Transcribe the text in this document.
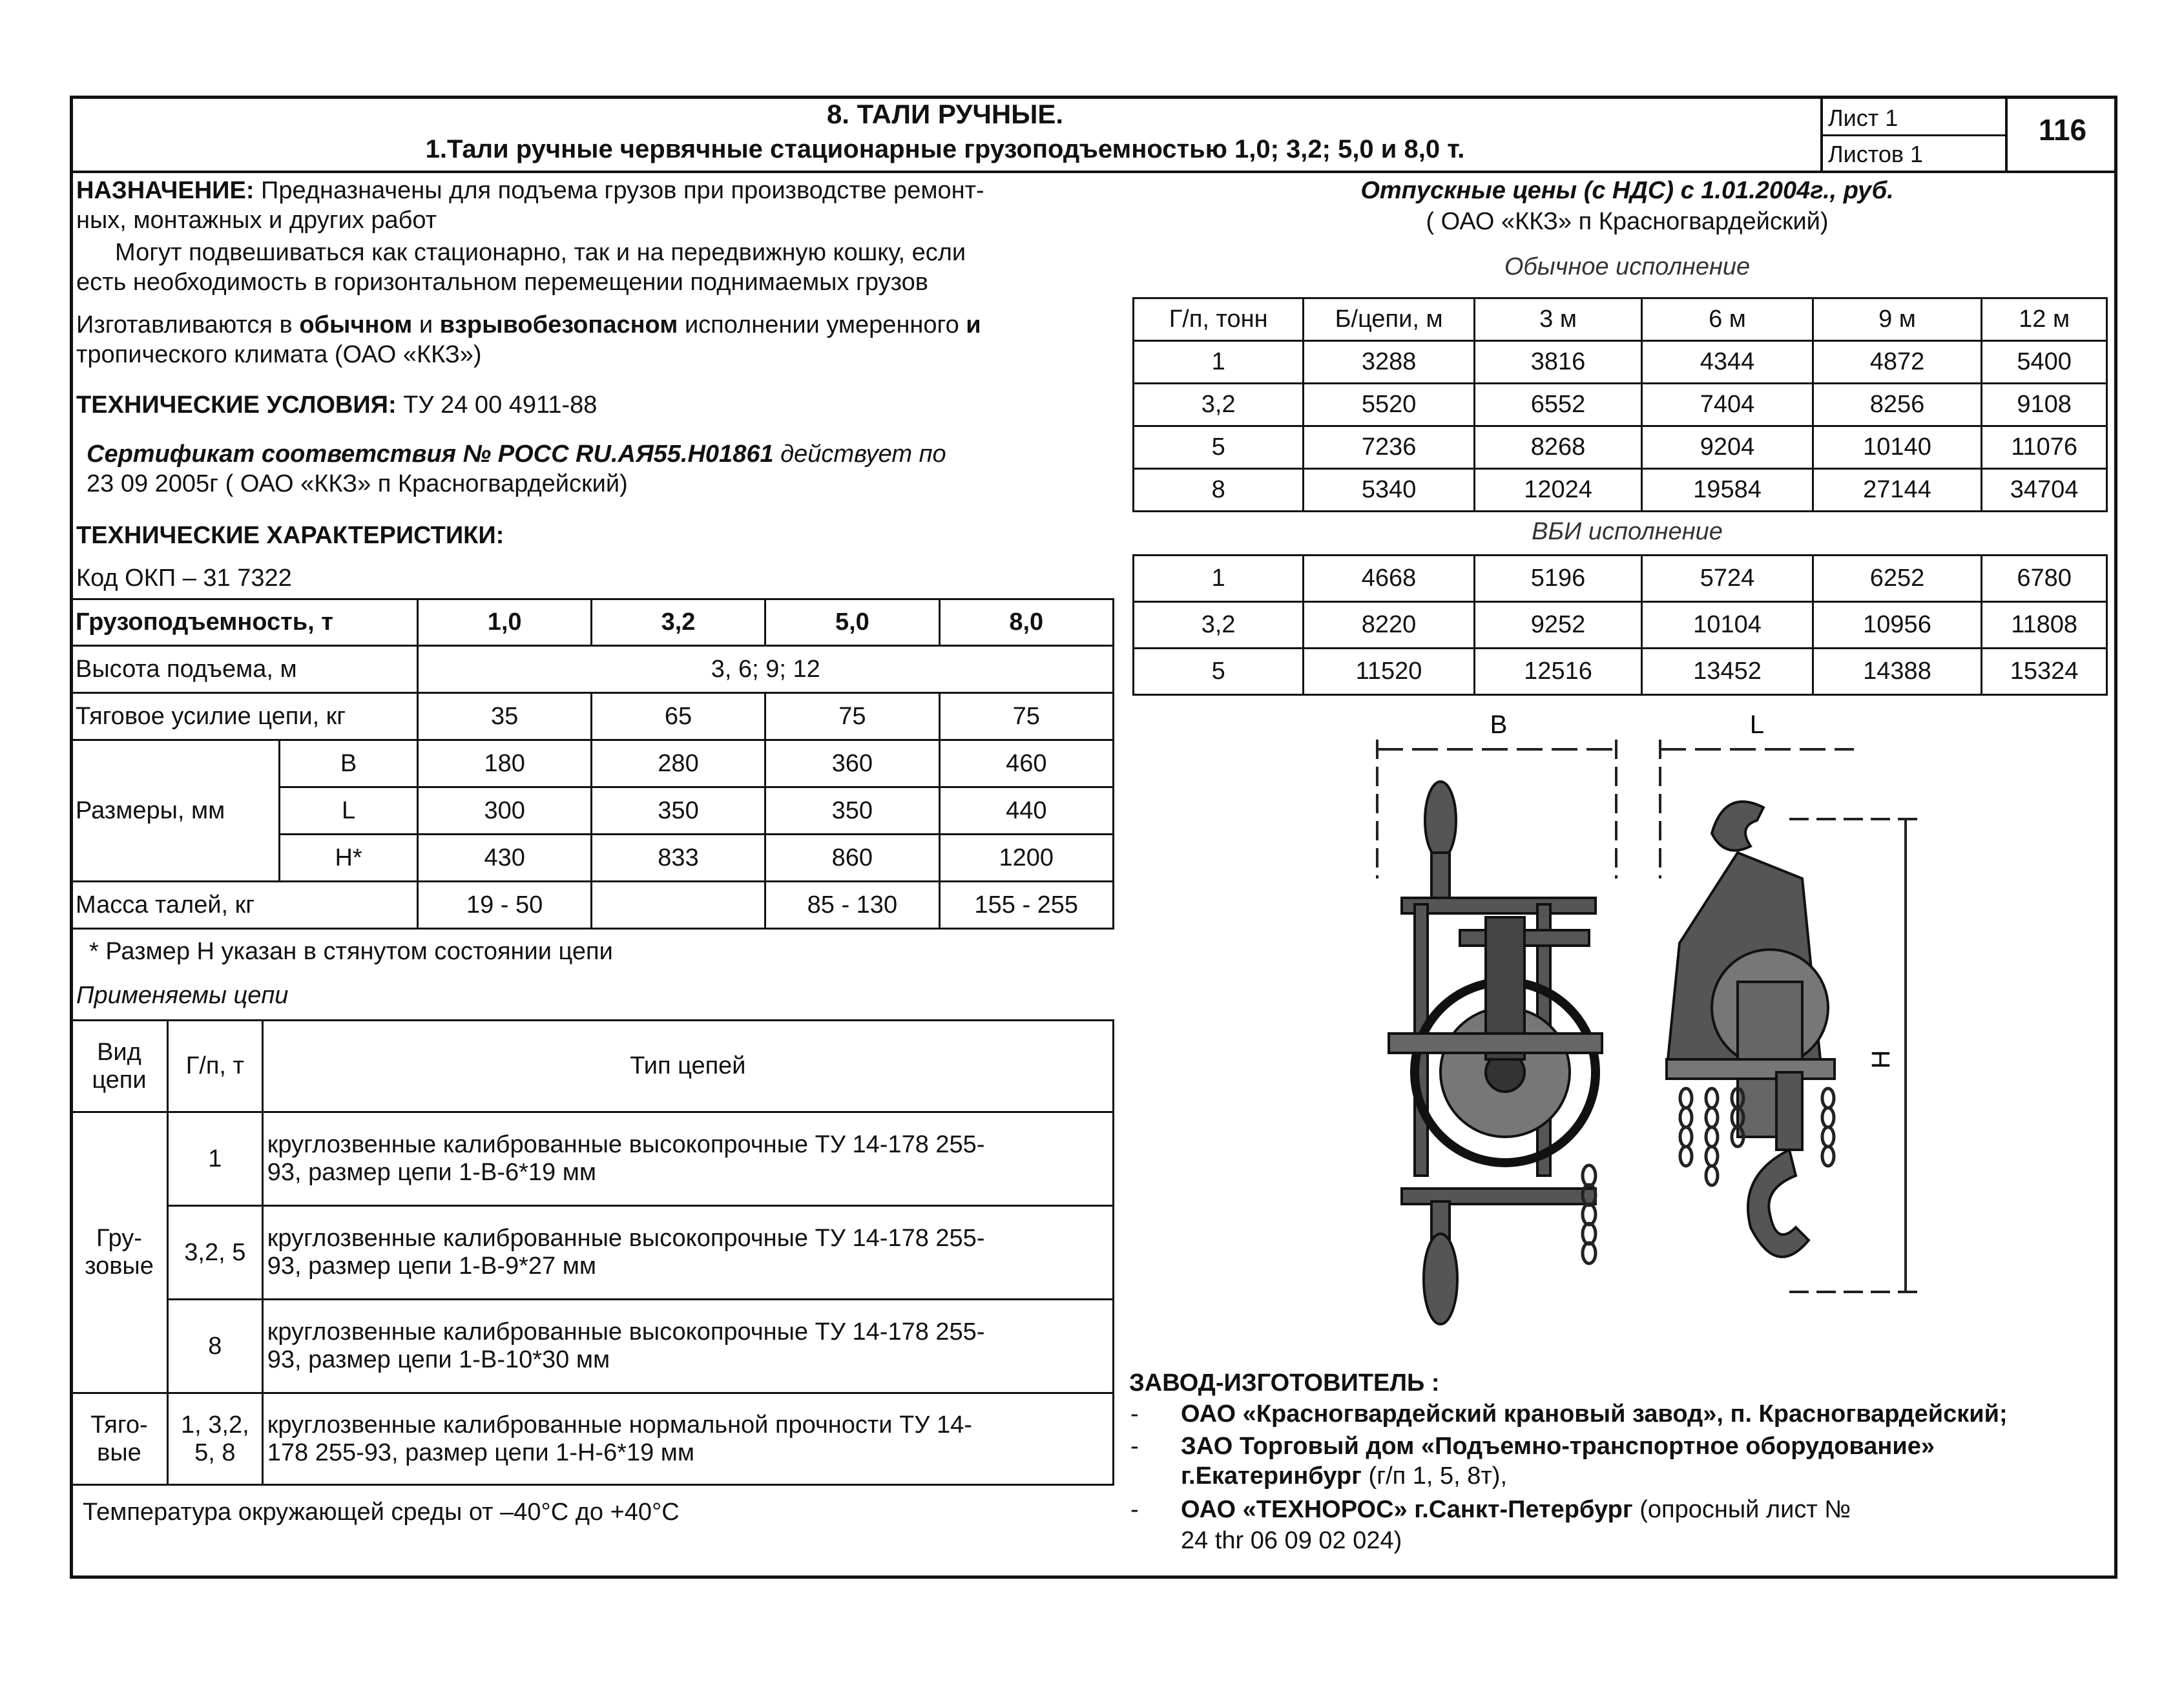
8. ТАЛИ РУЧНЫЕ.
1.Тали ручные червячные стационарные грузоподъемностью 1,0; 3,2; 5,0 и 8,0 т.
Лист 1
Листов 1
116
НАЗНАЧЕНИЕ: Предназначены для подъема грузов при производстве ремонт-
ных, монтажных и других работ
Могут подвешиваться как стационарно, так и на передвижную кошку, если
есть необходимость в горизонтальном перемещении поднимаемых грузов
Изготавливаются в обычном и взрывобезопасном исполнении умеренного и
тропического климата (ОАО «ККЗ»)
ТЕХНИЧЕСКИЕ УСЛОВИЯ: ТУ 24 00 4911-88
Сертификат соответствия № РОСС RU.АЯ55.Н01861 действует по
23 09 2005г ( ОАО «ККЗ» п Красногвардейский)
ТЕХНИЧЕСКИЕ ХАРАКТЕРИСТИКИ:
Код ОКП – 31 7322
Грузоподъемность, т		1,0	3,2	5,0	8,0
Высота подъема, м		3, 6; 9; 12			
Тяговое усилие цепи, кг		35	65	75	75
Размеры, мм	В	180	280	360	460
	L	300	350	350	440
	Н*	430	833	860	1200
Масса талей, кг		19 - 50		85 - 130	155 - 255
* Размер Н указан в стянутом состоянии цепи
Применяемы цепи
Вид цепи	Г/п, т	Тип цепей
Гру-зовые	1	круглозвенные калиброванные высокопрочные ТУ 14-178 255-
93, размер цепи 1-В-6*19 мм

	3,2, 5	круглозвенные калиброванные высокопрочные ТУ 14-178 255-
93, размер цепи 1-В-9*27 мм

	8	круглозвенные калиброванные высокопрочные ТУ 14-178 255-
93, размер цепи 1-В-10*30 мм

Тяго-вые	1, 3,2, 5, 8	круглозвенные калиброванные нормальной прочности ТУ 14-
178 255-93, размер цепи 1-Н-6*19 мм
Температура окружающей среды от –40°С до +40°С
Отпускные цены (с НДС) с 1.01.2004г., руб.
( ОАО «ККЗ» п Красногвардейский)
Обычное исполнение
Г/п, тонн	Б/цепи, м	3 м	6 м	9 м	12 м
1	3288	3816	4344	4872	5400
3,2	5520	6552	7404	8256	9108
5	7236	8268	9204	10140	11076
8	5340	12024	19584	27144	34704
ВБИ исполнение
1	4668	5196	5724	6252	6780
3,2	8220	9252	10104	10956	11808
5	11520	12516	13452	14388	15324
В	L
Н
ЗАВОД-ИЗГОТОВИТЕЛЬ :
- ОАО «Красногвардейский крановый завод», п. Красногвардейский;
- ЗАО Торговый дом «Подъемно-транспортное оборудование»
г.Екатеринбург (г/п 1, 5, 8т),
- ОАО «ТЕХНОРОС» г.Санкт-Петербург (опросный лист №
24 thr 06 09 02 024)
